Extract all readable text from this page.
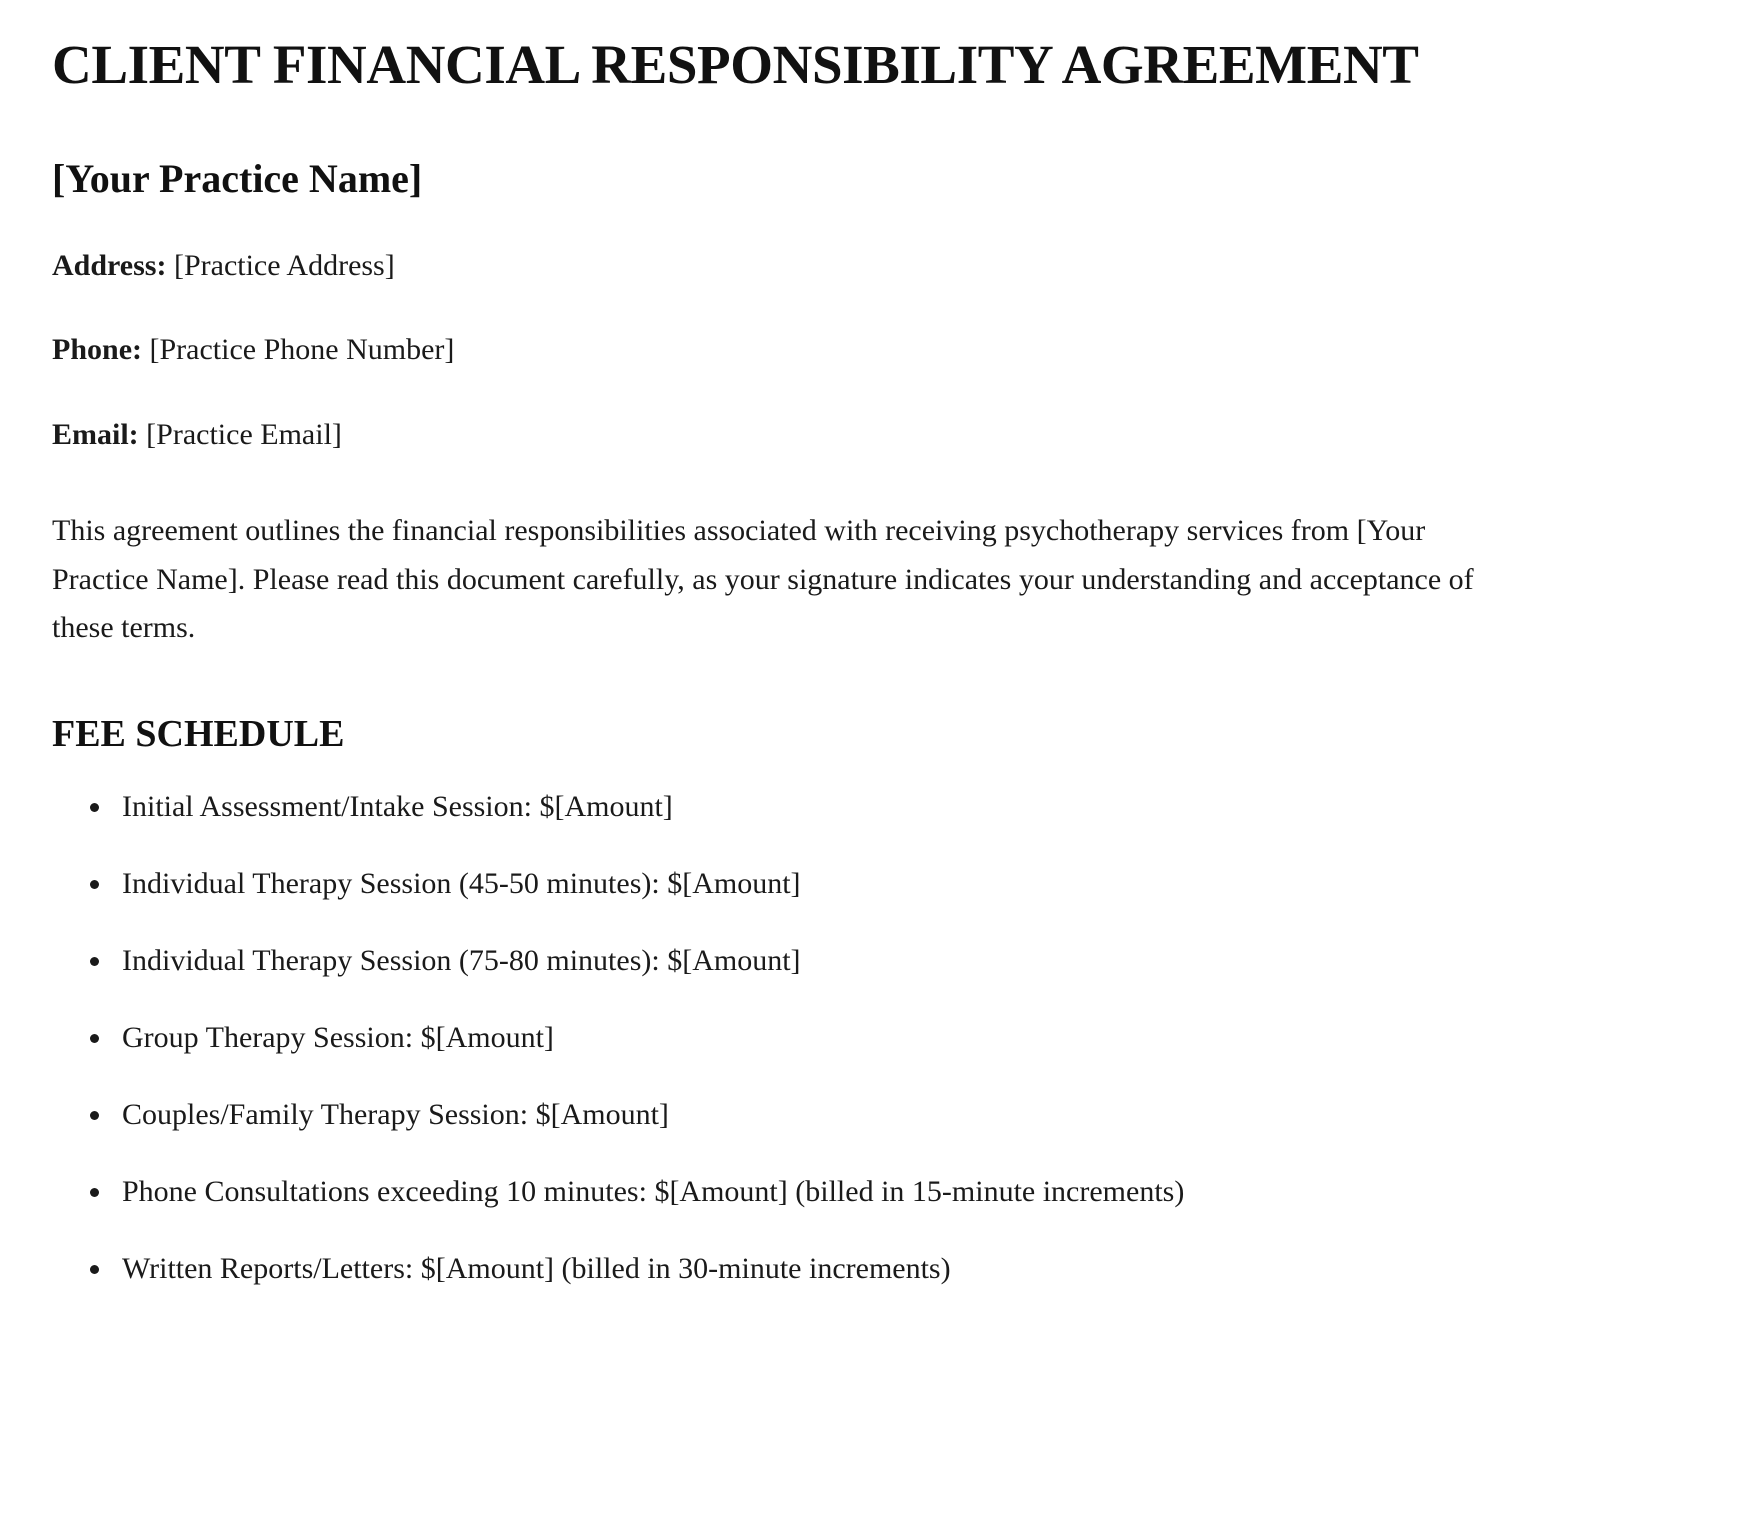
CLIENT FINANCIAL RESPONSIBILITY AGREEMENT
[Your Practice Name]

Address: [Practice Address]

Phone: [Practice Phone Number]

Email: [Practice Email]

This agreement outlines the financial responsibilities associated with receiving psychotherapy services from [Your Practice Name]. Please read this document carefully, as your signature indicates your understanding and acceptance of these terms.

FEE SCHEDULE
Initial Assessment/Intake Session: $[Amount]
Individual Therapy Session (45-50 minutes): $[Amount]
Individual Therapy Session (75-80 minutes): $[Amount]
Group Therapy Session: $[Amount]
Couples/Family Therapy Session: $[Amount]
Phone Consultations exceeding 10 minutes: $[Amount] (billed in 15-minute increments)
Written Reports/Letters: $[Amount] (billed in 30-minute increments)
